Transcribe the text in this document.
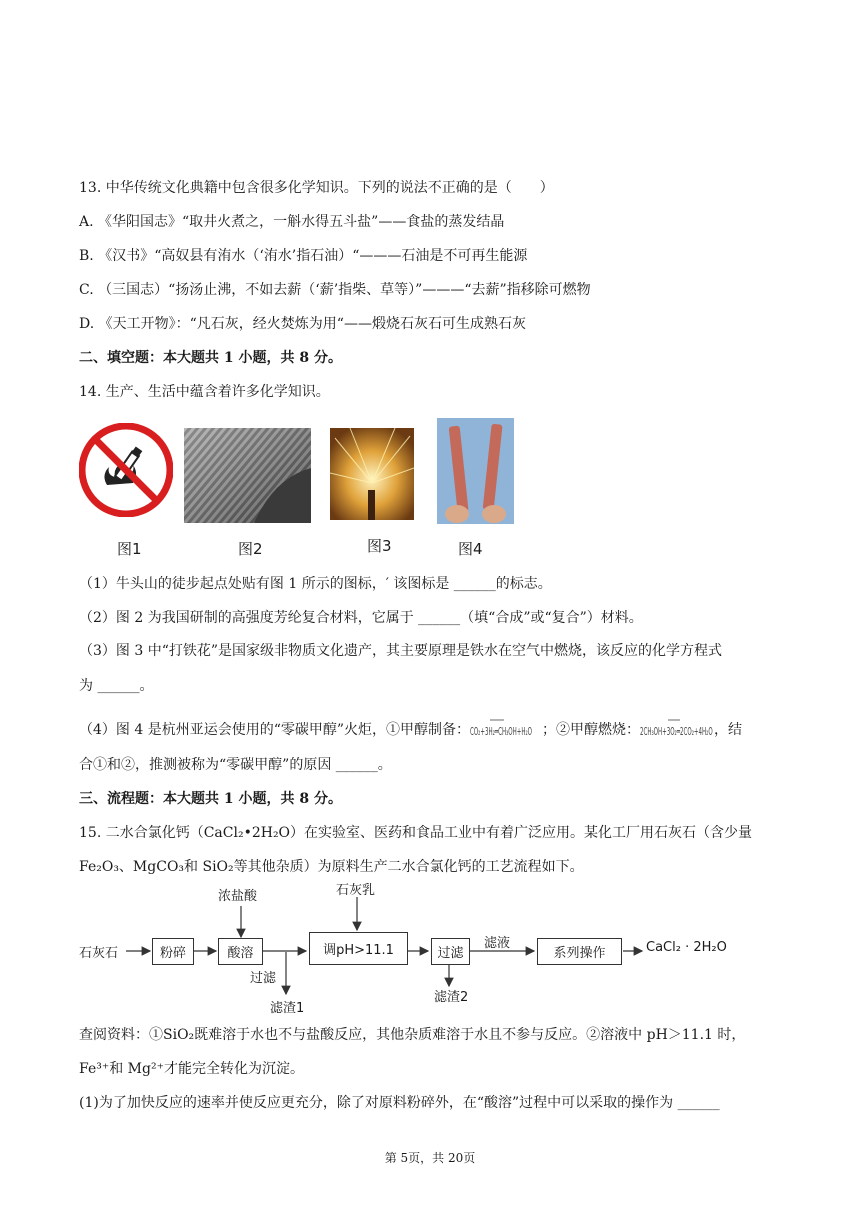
13. 中华传统文化典籍中包含很多化学知识。下列的说法不正确的是（　　）
A. 《华阳国志》“取井火煮之，一斛水得五斗盐”——食盐的蒸发结晶
B. 《汉书》“高奴县有洧水（‘洧水’指石油）“———石油是不可再生能源
C. （三国志）“扬汤止沸，不如去薪（‘薪’指柴、草等）”———“去薪”指移除可燃物
D. 《天工开物》：“凡石灰，经火焚炼为用“——煅烧石灰石可生成熟石灰
二、填空题：本大题共 1 小题，共 8 分。
14. 生产、生活中蕴含着许多化学知识。
图1	图2	图3	图4
（1）牛头山的徒步起点处贴有图 1 所示的图标，′ 该图标是 ______的标志。
（2）图 2 为我国研制的高强度芳纶复合材料，它属于 ______（填“合成”或“复合”）材料。
（3）图 3 中“打铁花”是国家级非物质文化遗产，其主要原理是铁水在空气中燃烧，该反应的化学方程式
为 ______。
（4）图 4 是杭州亚运会使用的“零碳甲醇”火炬，①甲醇制备： CO₂+3H₂═CH₃OH+H₂O ；②甲醇燃烧： 2CH₃OH+3O₂═2CO₂+4H₂O ，结
合①和②，推测被称为“零碳甲醇”的原因 ______。
三、流程题：本大题共 1 小题，共 8 分。
15. 二水合氯化钙（CaCl₂•2H₂O）在实验室、医药和食品工业中有着广泛应用。某化工厂用石灰石（含少量
Fe₂O₃、MgCO₃和 SiO₂等其他杂质）为原料生产二水合氯化钙的工艺流程如下。
石灰石	粉碎	酸溶
浓盐酸
调pH>11.1
石灰乳
过滤
滤渣1
过滤
滤渣2
滤液
系列操作	CaCl₂ · 2H₂O
查阅资料：①SiO₂既难溶于水也不与盐酸反应，其他杂质难溶于水且不参与反应。②溶液中 pH＞11.1 时，
Fe³⁺和 Mg²⁺才能完全转化为沉淀。
(1)为了加快反应的速率并使反应更充分，除了对原料粉碎外，在“酸溶”过程中可以采取的操作为 ______
第 5页，共 20页
